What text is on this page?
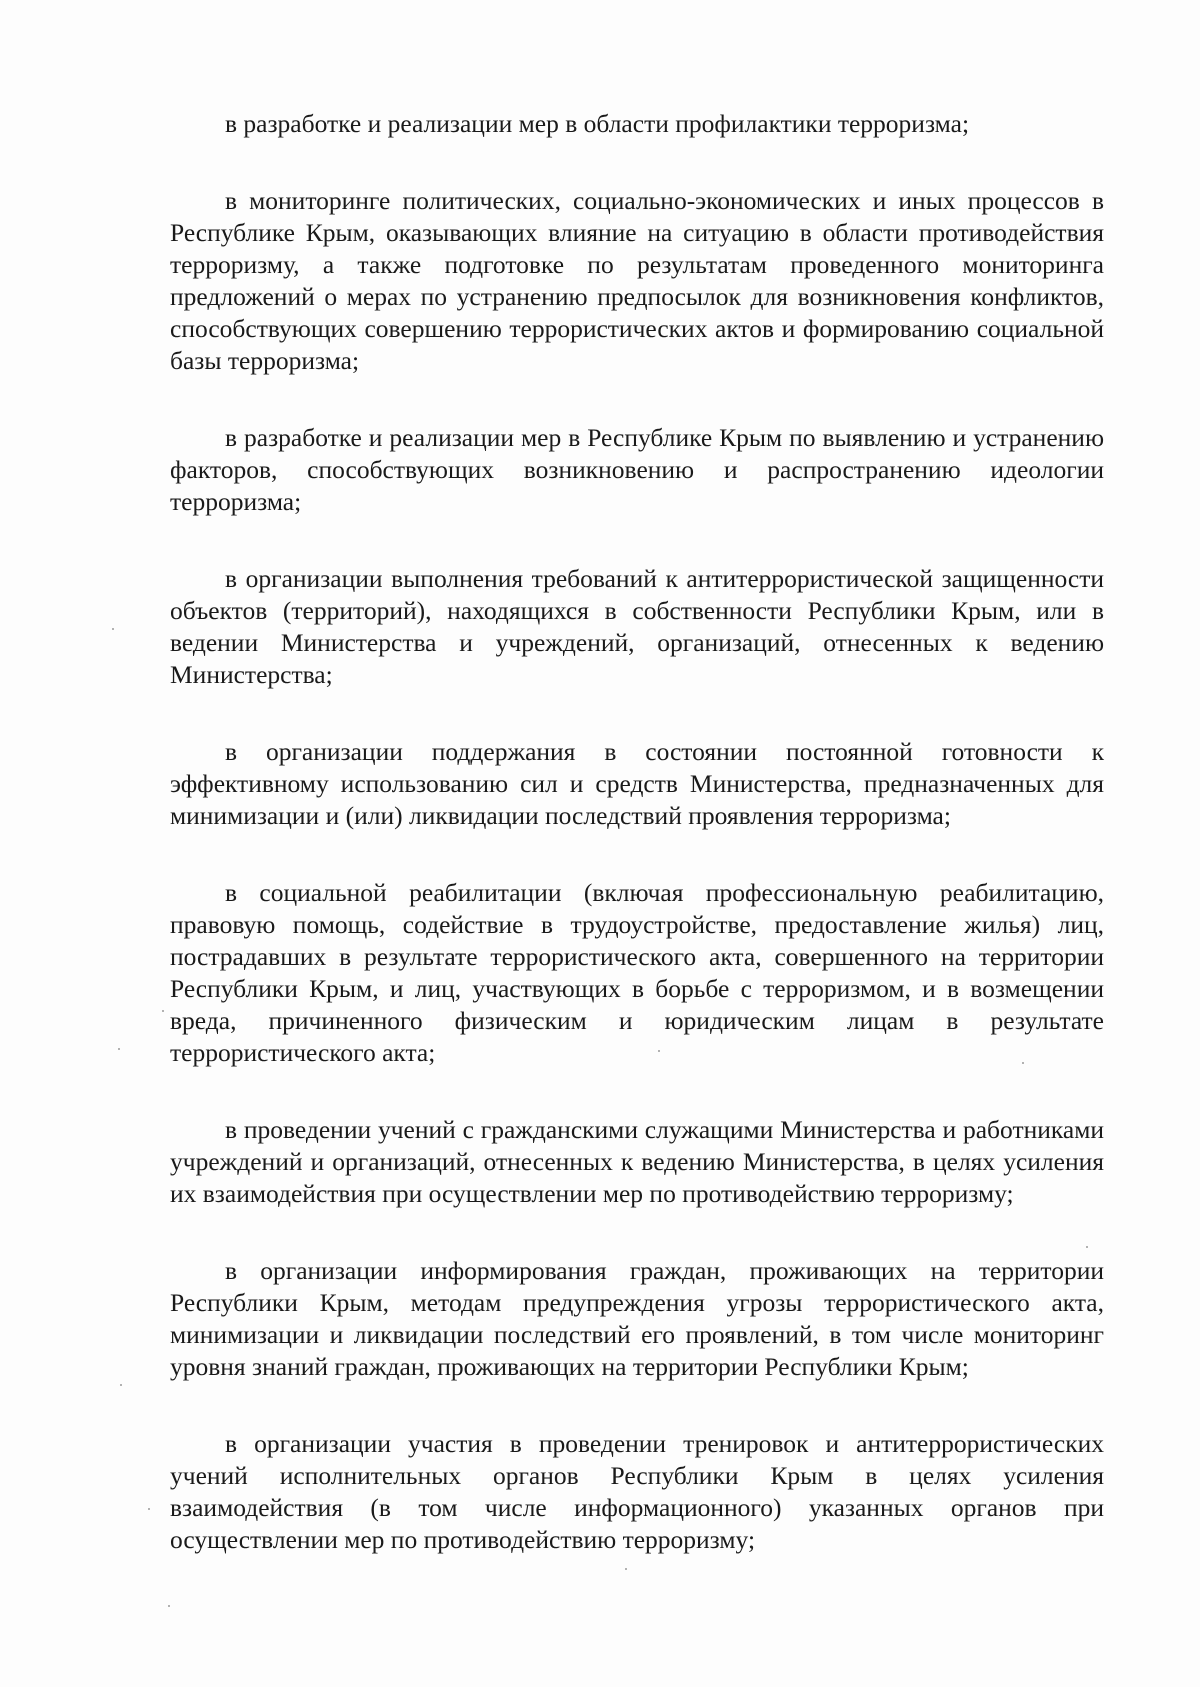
в разработке и реализации мер в области профилактики терроризма;

в мониторинге политических, социально-экономических и иных процессов в Республике Крым, оказывающих влияние на ситуацию в области противодействия терроризму, а также подготовке по результатам проведенного мониторинга предложений о мерах по устранению предпосылок для возникновения конфликтов, способствующих совершению террористических актов и формированию социальной базы терроризма;

в разработке и реализации мер в Республике Крым по выявлению и устранению факторов, способствующих возникновению и распространению идеологии терроризма;

в организации выполнения требований к антитеррористической защищенности объектов (территорий), находящихся в собственности Республики Крым, или в ведении Министерства и учреждений, организаций, отнесенных к ведению Министерства;

в организации поддержания в состоянии постоянной готовности к эффективному использованию сил и средств Министерства, предназначенных для минимизации и (или) ликвидации последствий проявления терроризма;

в социальной реабилитации (включая профессиональную реабилитацию, правовую помощь, содействие в трудоустройстве, предоставление жилья) лиц, пострадавших в результате террористического акта, совершенного на территории Республики Крым, и лиц, участвующих в борьбе с терроризмом, и в возмещении вреда, причиненного физическим и юридическим лицам в результате террористического акта;

в проведении учений с гражданскими служащими Министерства и работниками учреждений и организаций, отнесенных к ведению Министерства, в целях усиления их взаимодействия при осуществлении мер по противодействию терроризму;

в организации информирования граждан, проживающих на территории Республики Крым, методам предупреждения угрозы террористического акта, минимизации и ликвидации последствий его проявлений, в том числе мониторинг уровня знаний граждан, проживающих на территории Республики Крым;

в организации участия в проведении тренировок и антитеррористических учений исполнительных органов Республики Крым в целях усиления взаимодействия (в том числе информационного) указанных органов при осуществлении мер по противодействию терроризму;
